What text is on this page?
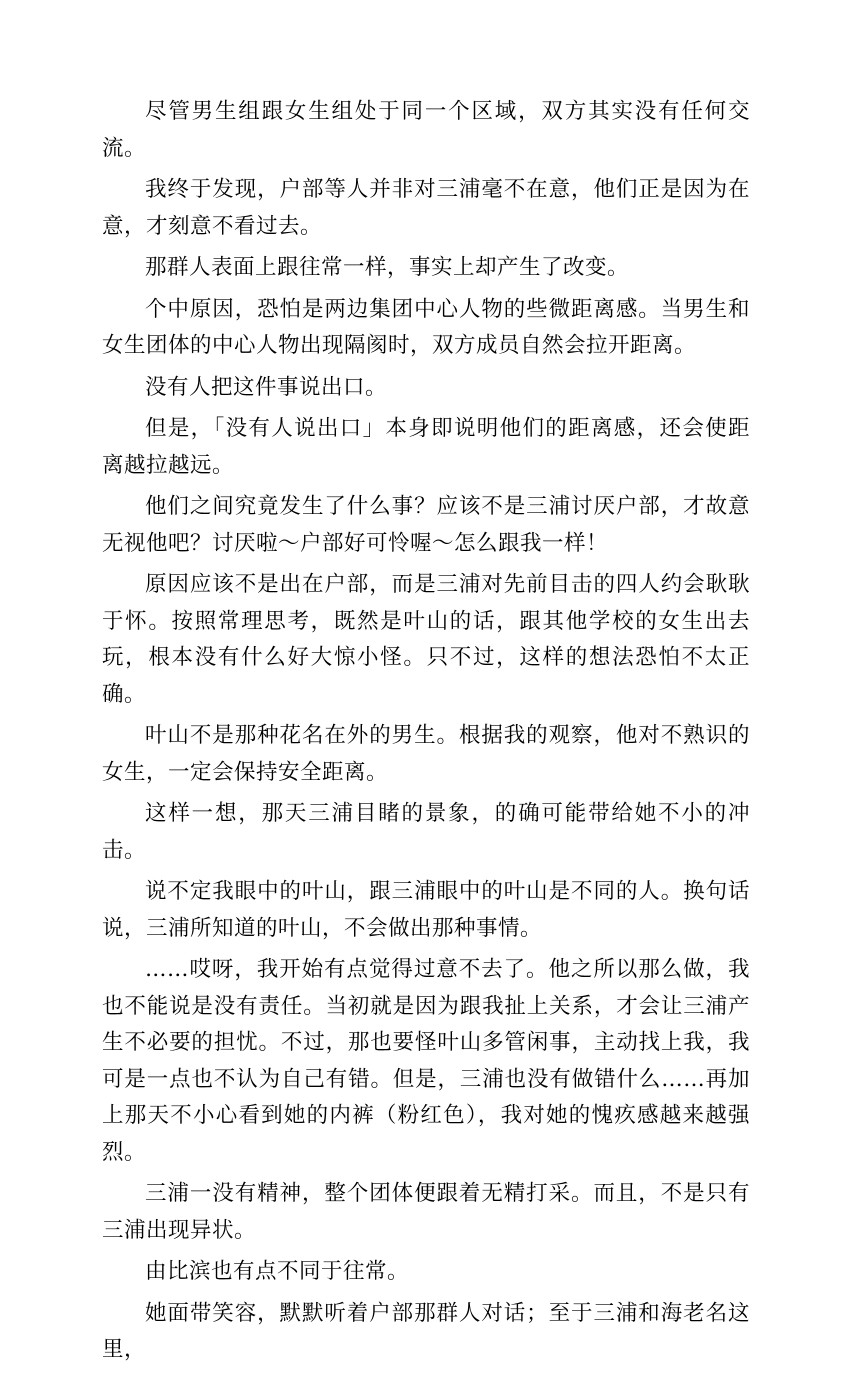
尽管男生组跟女生组处于同一个区域，双方其实没有任何交流。

我终于发现，户部等人并非对三浦毫不在意，他们正是因为在意，才刻意不看过去。

那群人表面上跟往常一样，事实上却产生了改变。

个中原因，恐怕是两边集团中心人物的些微距离感。当男生和女生团体的中心人物出现隔阂时，双方成员自然会拉开距离。

没有人把这件事说出口。

但是，「没有人说出口」本身即说明他们的距离感，还会使距离越拉越远。

他们之间究竟发生了什么事？应该不是三浦讨厌户部，才故意无视他吧？讨厌啦～户部好可怜喔～怎么跟我一样！

原因应该不是出在户部，而是三浦对先前目击的四人约会耿耿于怀。按照常理思考，既然是叶山的话，跟其他学校的女生出去玩，根本没有什么好大惊小怪。只不过，这样的想法恐怕不太正确。

叶山不是那种花名在外的男生。根据我的观察，他对不熟识的女生，一定会保持安全距离。

这样一想，那天三浦目睹的景象，的确可能带给她不小的冲击。

说不定我眼中的叶山，跟三浦眼中的叶山是不同的人。换句话说，三浦所知道的叶山，不会做出那种事情。

……哎呀，我开始有点觉得过意不去了。他之所以那么做，我也不能说是没有责任。当初就是因为跟我扯上关系，才会让三浦产生不必要的担忧。不过，那也要怪叶山多管闲事，主动找上我，我可是一点也不认为自己有错。但是，三浦也没有做错什么……再加上那天不小心看到她的内裤（粉红色），我对她的愧疚感越来越强烈。

三浦一没有精神，整个团体便跟着无精打采。而且，不是只有三浦出现异状。

由比滨也有点不同于往常。

她面带笑容，默默听着户部那群人对话；至于三浦和海老名这里，
